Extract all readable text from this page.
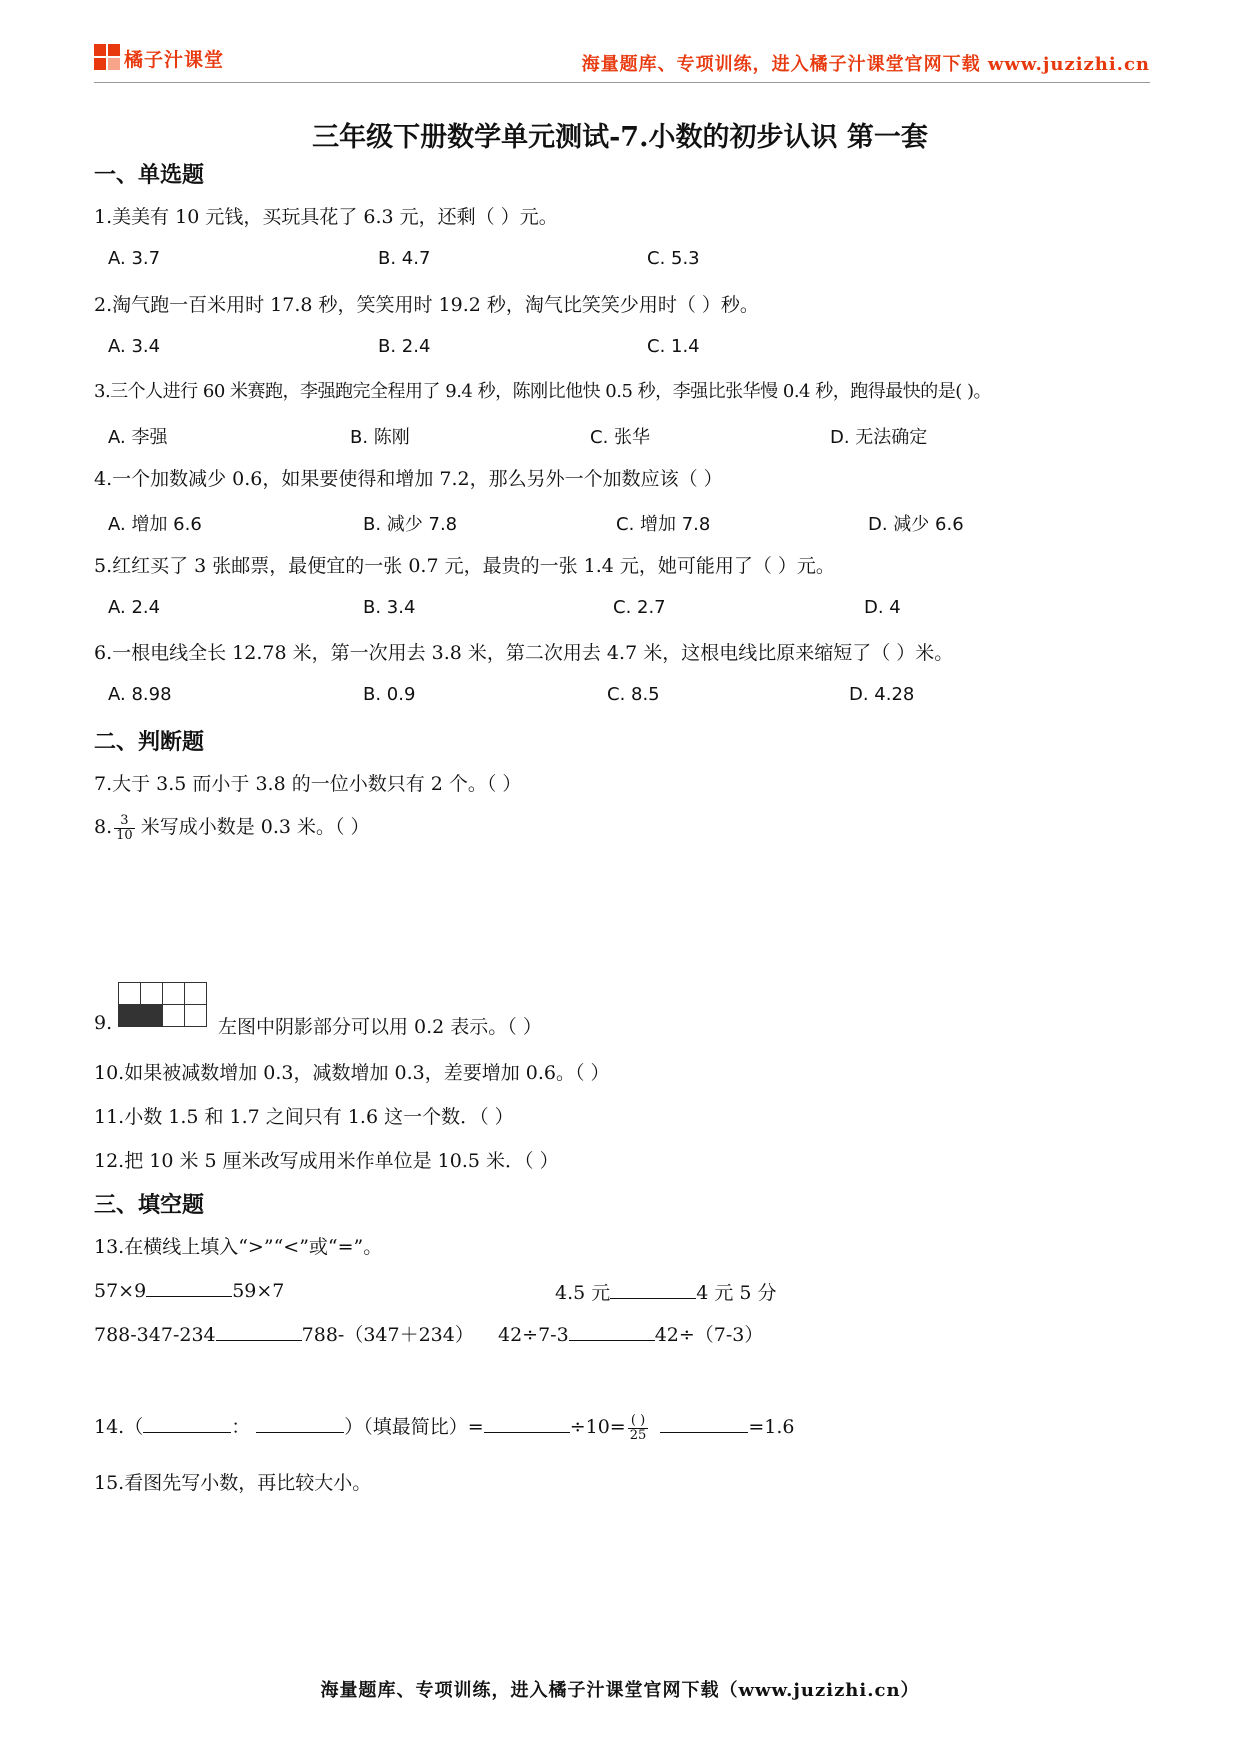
橘子汁课堂	海量题库、专项训练，进入橘子汁课堂官网下载 www.juzizhi.cn
三年级下册数学单元测试-7.小数的初步认识 第一套
一、单选题
1.美美有 10 元钱，买玩具花了 6.3 元，还剩（ ）元。
A. 3.7	B. 4.7	C. 5.3
2.淘气跑一百米用时 17.8 秒，笑笑用时 19.2 秒，淘气比笑笑少用时（ ）秒。
A. 3.4	B. 2.4	C. 1.4
3.三个人进行 60 米赛跑，李强跑完全程用了 9.4 秒，陈刚比他快 0.5 秒，李强比张华慢 0.4 秒，跑得最快的是( )。
A. 李强	B. 陈刚	C. 张华	D. 无法确定
4.一个加数减少 0.6，如果要使得和增加 7.2，那么另外一个加数应该（ ）
A. 增加 6.6	B. 减少 7.8	C. 增加 7.8	D. 减少 6.6
5.红红买了 3 张邮票，最便宜的一张 0.7 元，最贵的一张 1.4 元，她可能用了（ ）元。
A. 2.4	B. 3.4	C. 2.7	D. 4
6.一根电线全长 12.78 米，第一次用去 3.8 米，第二次用去 4.7 米，这根电线比原来缩短了（ ）米。
A. 8.98	B. 0.9	C. 8.5	D. 4.28
二、判断题
7.大于 3.5 而小于 3.8 的一位小数只有 2 个。（ ）
8. $\frac{3}{10}$ 米写成小数是 0.3 米。（ ）
9.	左图中阴影部分可以用 0.2 表示。（ ）
10.如果被减数增加 0.3，减数增加 0.3，差要增加 0.6。（ ）
11.小数 1.5 和 1.7 之间只有 1.6 这一个数．（ ）
12.把 10 米 5 厘米改写成用米作单位是 10.5 米．（ ）
三、填空题
13.在横线上填入“>”“<”或“=”。
57×9	59×7	4.5 元	4 元 5 分
788-347-234	788-（347＋234） 42÷7-3	42÷（7-3）
14.（	：	）（填最简比）=	$\div 10= \frac{( )}{25}$	=1.6
15.看图先写小数，再比较大小。
海量题库、专项训练，进入橘子汁课堂官网下载（www.juzizhi.cn）
